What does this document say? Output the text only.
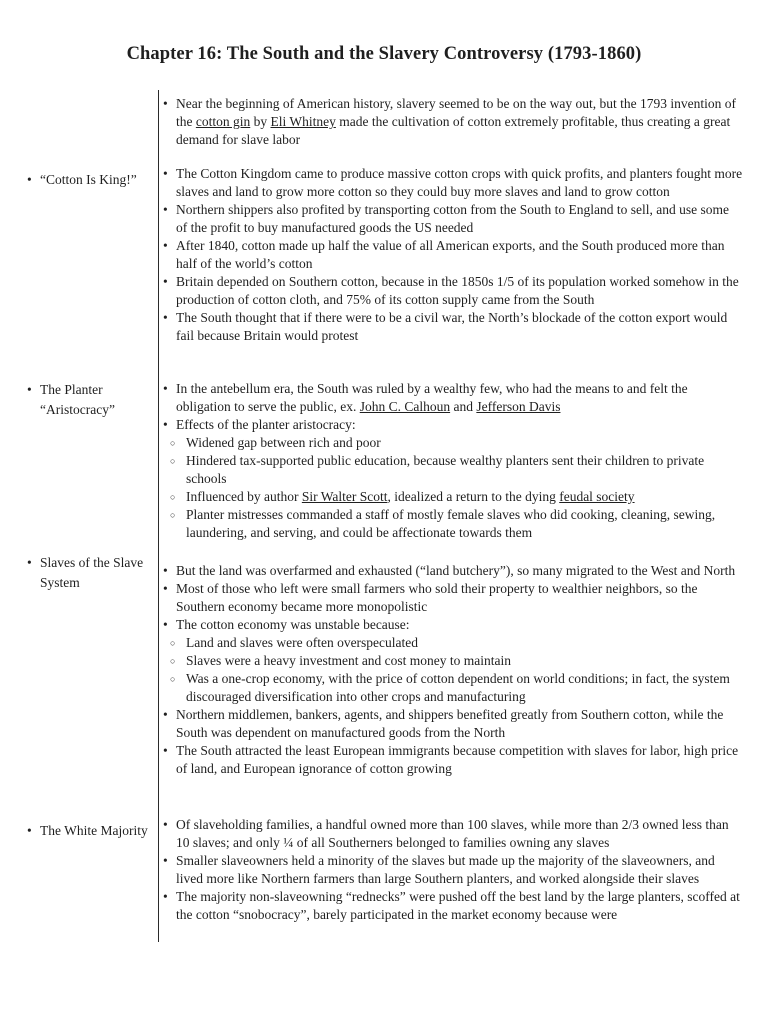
Chapter 16: The South and the Slavery Controversy (1793-1860)
• Near the beginning of American history, slavery seemed to be on the way out, but the 1793 invention of the cotton gin by Eli Whitney made the cultivation of cotton extremely profitable, thus creating a great demand for slave labor
• “Cotton Is King!”	• The Cotton Kingdom came to produce massive cotton crops with quick profits, and planters fought more slaves and land to grow more cotton so they could buy more slaves and land to grow cotton
• Northern shippers also profited by transporting cotton from the South to England to sell, and use some of the profit to buy manufactured goods the US needed
• After 1840, cotton made up half the value of all American exports, and the South produced more than half of the world’s cotton
• Britain depended on Southern cotton, because in the 1850s 1/5 of its population worked somehow in the production of cotton cloth, and 75% of its cotton supply came from the South
• The South thought that if there were to be a civil war, the North’s blockade of the cotton export would fail because Britain would protest
• The Planter
“Aristocracy”
• In the antebellum era, the South was ruled by a wealthy few, who had the means to and felt the obligation to serve the public, ex. John C. Calhoun and Jefferson Davis
• Effects of the planter aristocracy:
○ Widened gap between rich and poor
○ Hindered tax-supported public education, because wealthy planters sent their children to private schools
○ Influenced by author Sir Walter Scott, idealized a return to the dying feudal society
○ Planter mistresses commanded a staff of mostly female slaves who did cooking, cleaning, sewing, laundering, and serving, and could be affectionate towards them
• Slaves of the Slave System
• But the land was overfarmed and exhausted (“land butchery”), so many migrated to the West and North
• Most of those who left were small farmers who sold their property to wealthier neighbors, so the Southern economy became more monopolistic
• The cotton economy was unstable because:
○ Land and slaves were often overspeculated
○ Slaves were a heavy investment and cost money to maintain
○ Was a one-crop economy, with the price of cotton dependent on world conditions; in fact, the system discouraged diversification into other crops and manufacturing
• Northern middlemen, bankers, agents, and shippers benefited greatly from Southern cotton, while the South was dependent on manufactured goods from the North
• The South attracted the least European immigrants because competition with slaves for labor, high price of land, and European ignorance of cotton growing
• The White Majority	• Of slaveholding families, a handful owned more than 100 slaves, while more than 2/3 owned less than 10 slaves; and only ¼ of all Southerners belonged to families owning any slaves
• Smaller slaveowners held a minority of the slaves but made up the majority of the slaveowners, and lived more like Northern farmers than large Southern planters, and worked alongside their slaves
• The majority non-slaveowning “rednecks” were pushed off the best land by the large planters, scoffed at the cotton “snobocracy”, barely participated in the market economy because were
